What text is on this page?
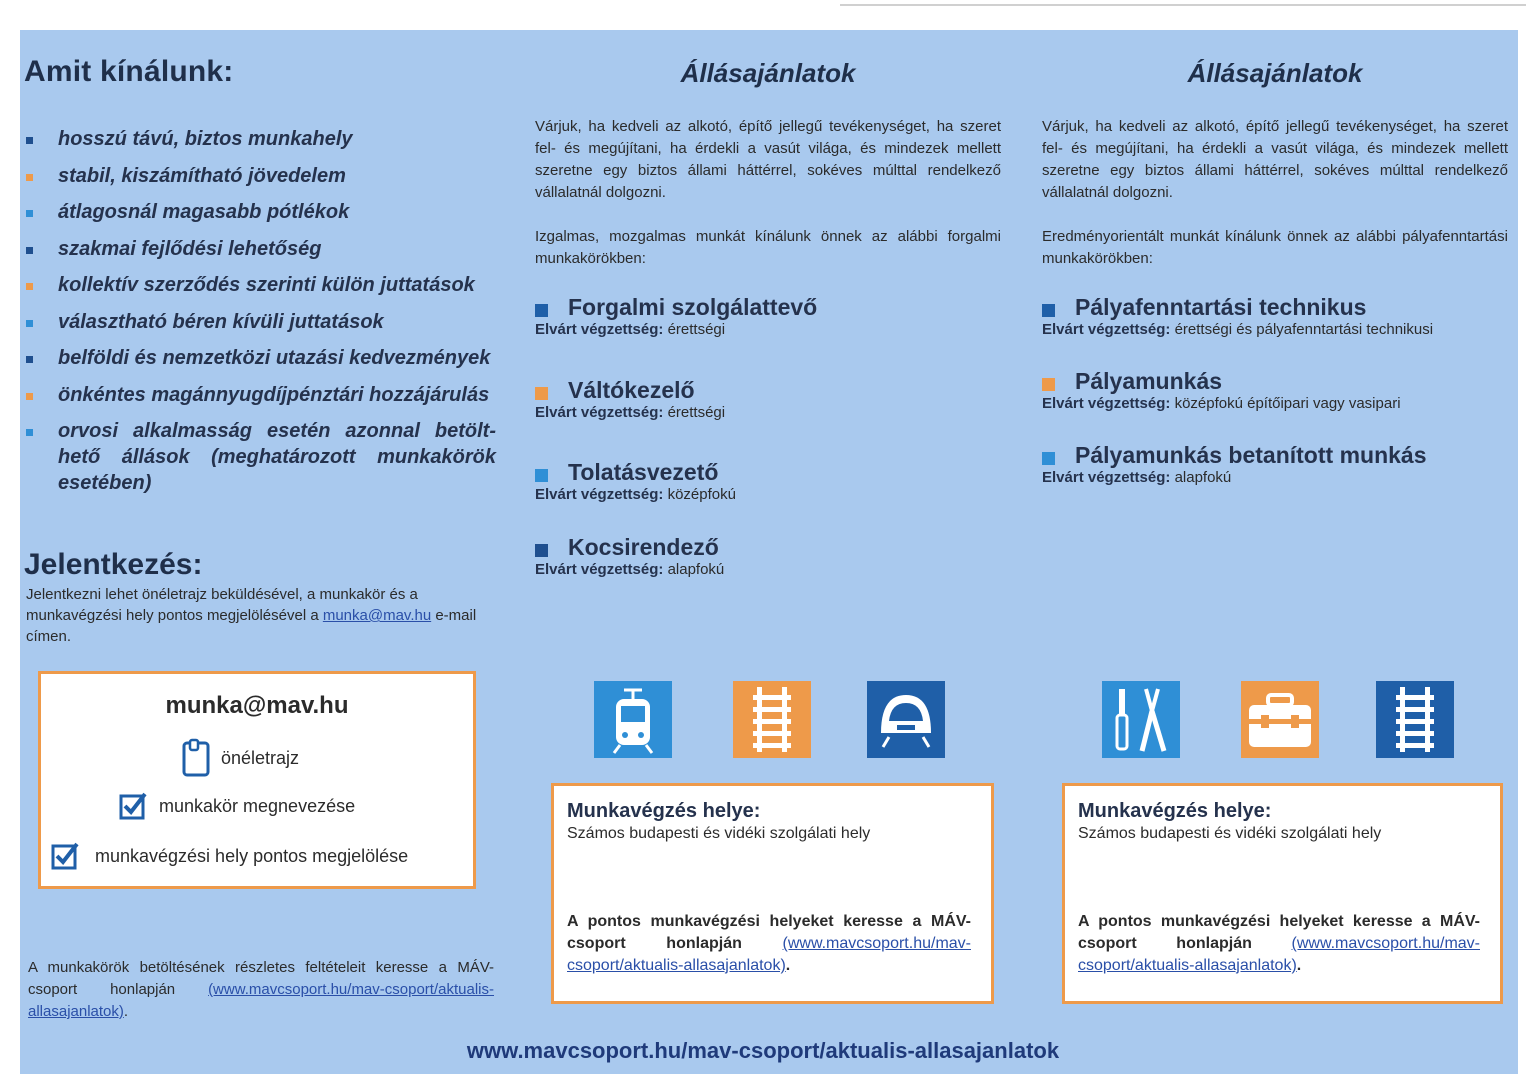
Amit kínálunk:
hosszú távú, biztos munkahely
stabil, kiszámítható jövedelem
átlagosnál magasabb pótlékok
szakmai fejlődési lehetőség
kollektív szerződés szerinti külön juttatások
választható béren kívüli juttatások
belföldi és nemzetközi utazási kedvezmények
önkéntes magánnyugdíjpénztári hozzájárulás
orvosi alkalmasság esetén azonnal betölt-hető állások (meghatározott munkakörök esetében)
Jelentkezés:
Jelentkezni lehet önéletrajz beküldésével, a munkakör és a munkavégzési hely pontos megjelölésével a munka@mav.hu e-mail címen.
munka@mav.hu
önéletrajz
munkakör megnevezése
munkavégzési hely pontos megjelölése
A munkakörök betöltésének részletes feltételeit keresse a MÁV-csoport honlapján (www.mavcsoport.hu/mav-csoport/aktualis-allasajanlatok).
Állásajánlatok
Várjuk, ha kedveli az alkotó, építő jellegű tevékenységet, ha szeret fel- és megújítani, ha érdekli a vasút világa, és mindezek mellett szeretne egy biztos állami háttérrel, sokéves múlttal rendelkező vállalatnál dolgozni.
Izgalmas, mozgalmas munkát kínálunk önnek az alábbi forgalmi munkakörökben:
Forgalmi szolgálattevő
Elvárt végzettség: érettségi
Váltókezelő
Elvárt végzettség: érettségi
Tolatásvezető
Elvárt végzettség: középfokú
Kocsirendező
Elvárt végzettség: alapfokú
Munkavégzés helye:
Számos budapesti és vidéki szolgálati hely
A pontos munkavégzési helyeket keresse a MÁV-csoport honlapján (www.mavcsoport.hu/mav-csoport/aktualis-allasajanlatok).
Állásajánlatok
Várjuk, ha kedveli az alkotó, építő jellegű tevékenységet, ha szeret fel- és megújítani, ha érdekli a vasút világa, és mindezek mellett szeretne egy biztos állami háttérrel, sokéves múlttal rendelkező vállalatnál dolgozni.
Eredményorientált munkát kínálunk önnek az alábbi pályafenntartási munkakörökben:
Pályafenntartási technikus
Elvárt végzettség: érettségi és pályafenntartási technikusi
Pályamunkás
Elvárt végzettség: középfokú építőipari vagy vasipari
Pályamunkás betanított munkás
Elvárt végzettség: alapfokú
Munkavégzés helye:
Számos budapesti és vidéki szolgálati hely
A pontos munkavégzési helyeket keresse a MÁV-csoport honlapján (www.mavcsoport.hu/mav-csoport/aktualis-allasajanlatok).
www.mavcsoport.hu/mav-csoport/aktualis-allasajanlatok
